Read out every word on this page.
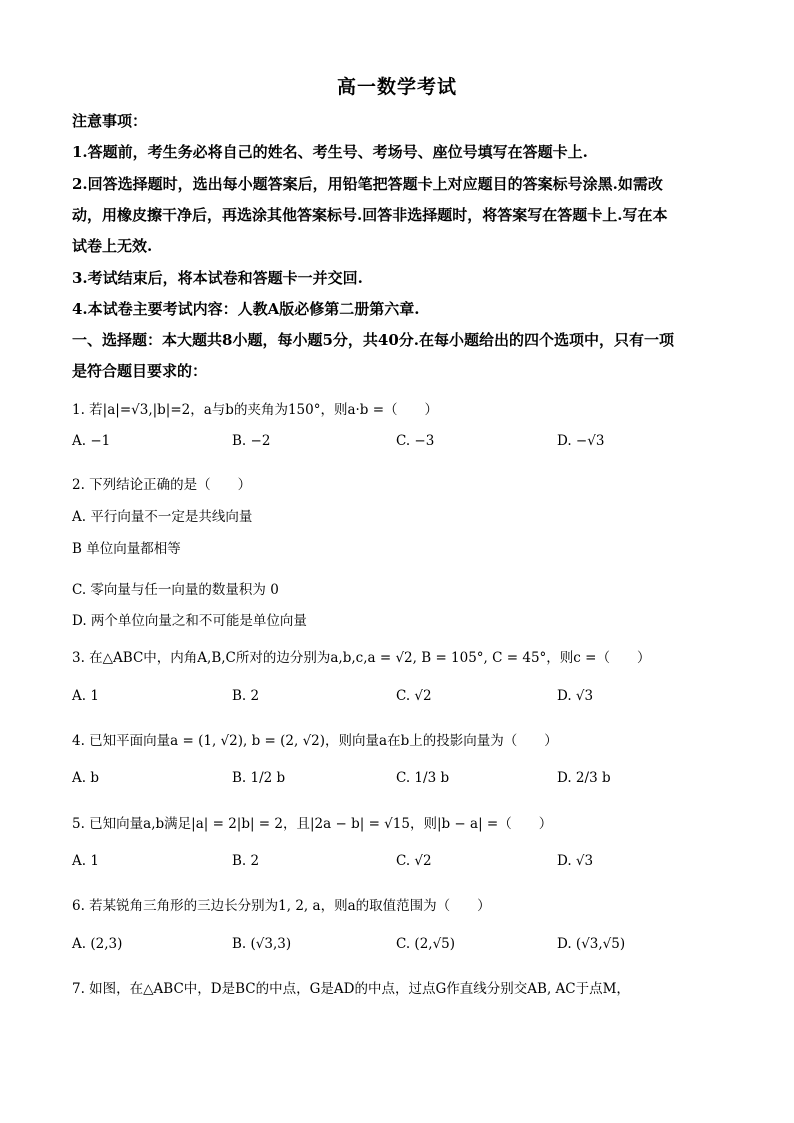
高一数学考试
注意事项：
1.答题前，考生务必将自己的姓名、考生号、考场号、座位号填写在答题卡上.
2.回答选择题时，选出每小题答案后，用铅笔把答题卡上对应题目的答案标号涂黑.如需改
动，用橡皮擦干净后，再选涂其他答案标号.回答非选择题时，将答案写在答题卡上.写在本
试卷上无效.
3.考试结束后，将本试卷和答题卡一并交回.
4.本试卷主要考试内容：人教A版必修第二册第六章.
一、选择题：本大题共8小题，每小题5分，共40分.在每小题给出的四个选项中，只有一项
是符合题目要求的：
1. 若|a|=√3,|b|=2，a与b的夹角为150°，则a·b =（　　）
A. −1	B. −2	C. −3	D. −√3
2. 下列结论正确的是（　　）
A. 平行向量不一定是共线向量
B 单位向量都相等
C. 零向量与任一向量的数量积为 0
D. 两个单位向量之和不可能是单位向量
3. 在△ABC中，内角A,B,C所对的边分别为a,b,c,a = √2, B = 105°, C = 45°，则c =（　　）
A. 1	B. 2	C. √2	D. √3
4. 已知平面向量a = (1, √2), b = (2, √2)，则向量a在b上的投影向量为（　　）
A. b	B. 1/2 b	C. 1/3 b	D. 2/3 b
5. 已知向量a,b满足|a| = 2|b| = 2，且|2a − b| = √15，则|b − a| =（　　）
A. 1	B. 2	C. √2	D. √3
6. 若某锐角三角形的三边长分别为1, 2, a，则a的取值范围为（　　）
A. (2,3)	B. (√3,3)	C. (2,√5)	D. (√3,√5)
7. 如图，在△ABC中，D是BC的中点，G是AD的中点，过点G作直线分别交AB, AC于点M，
